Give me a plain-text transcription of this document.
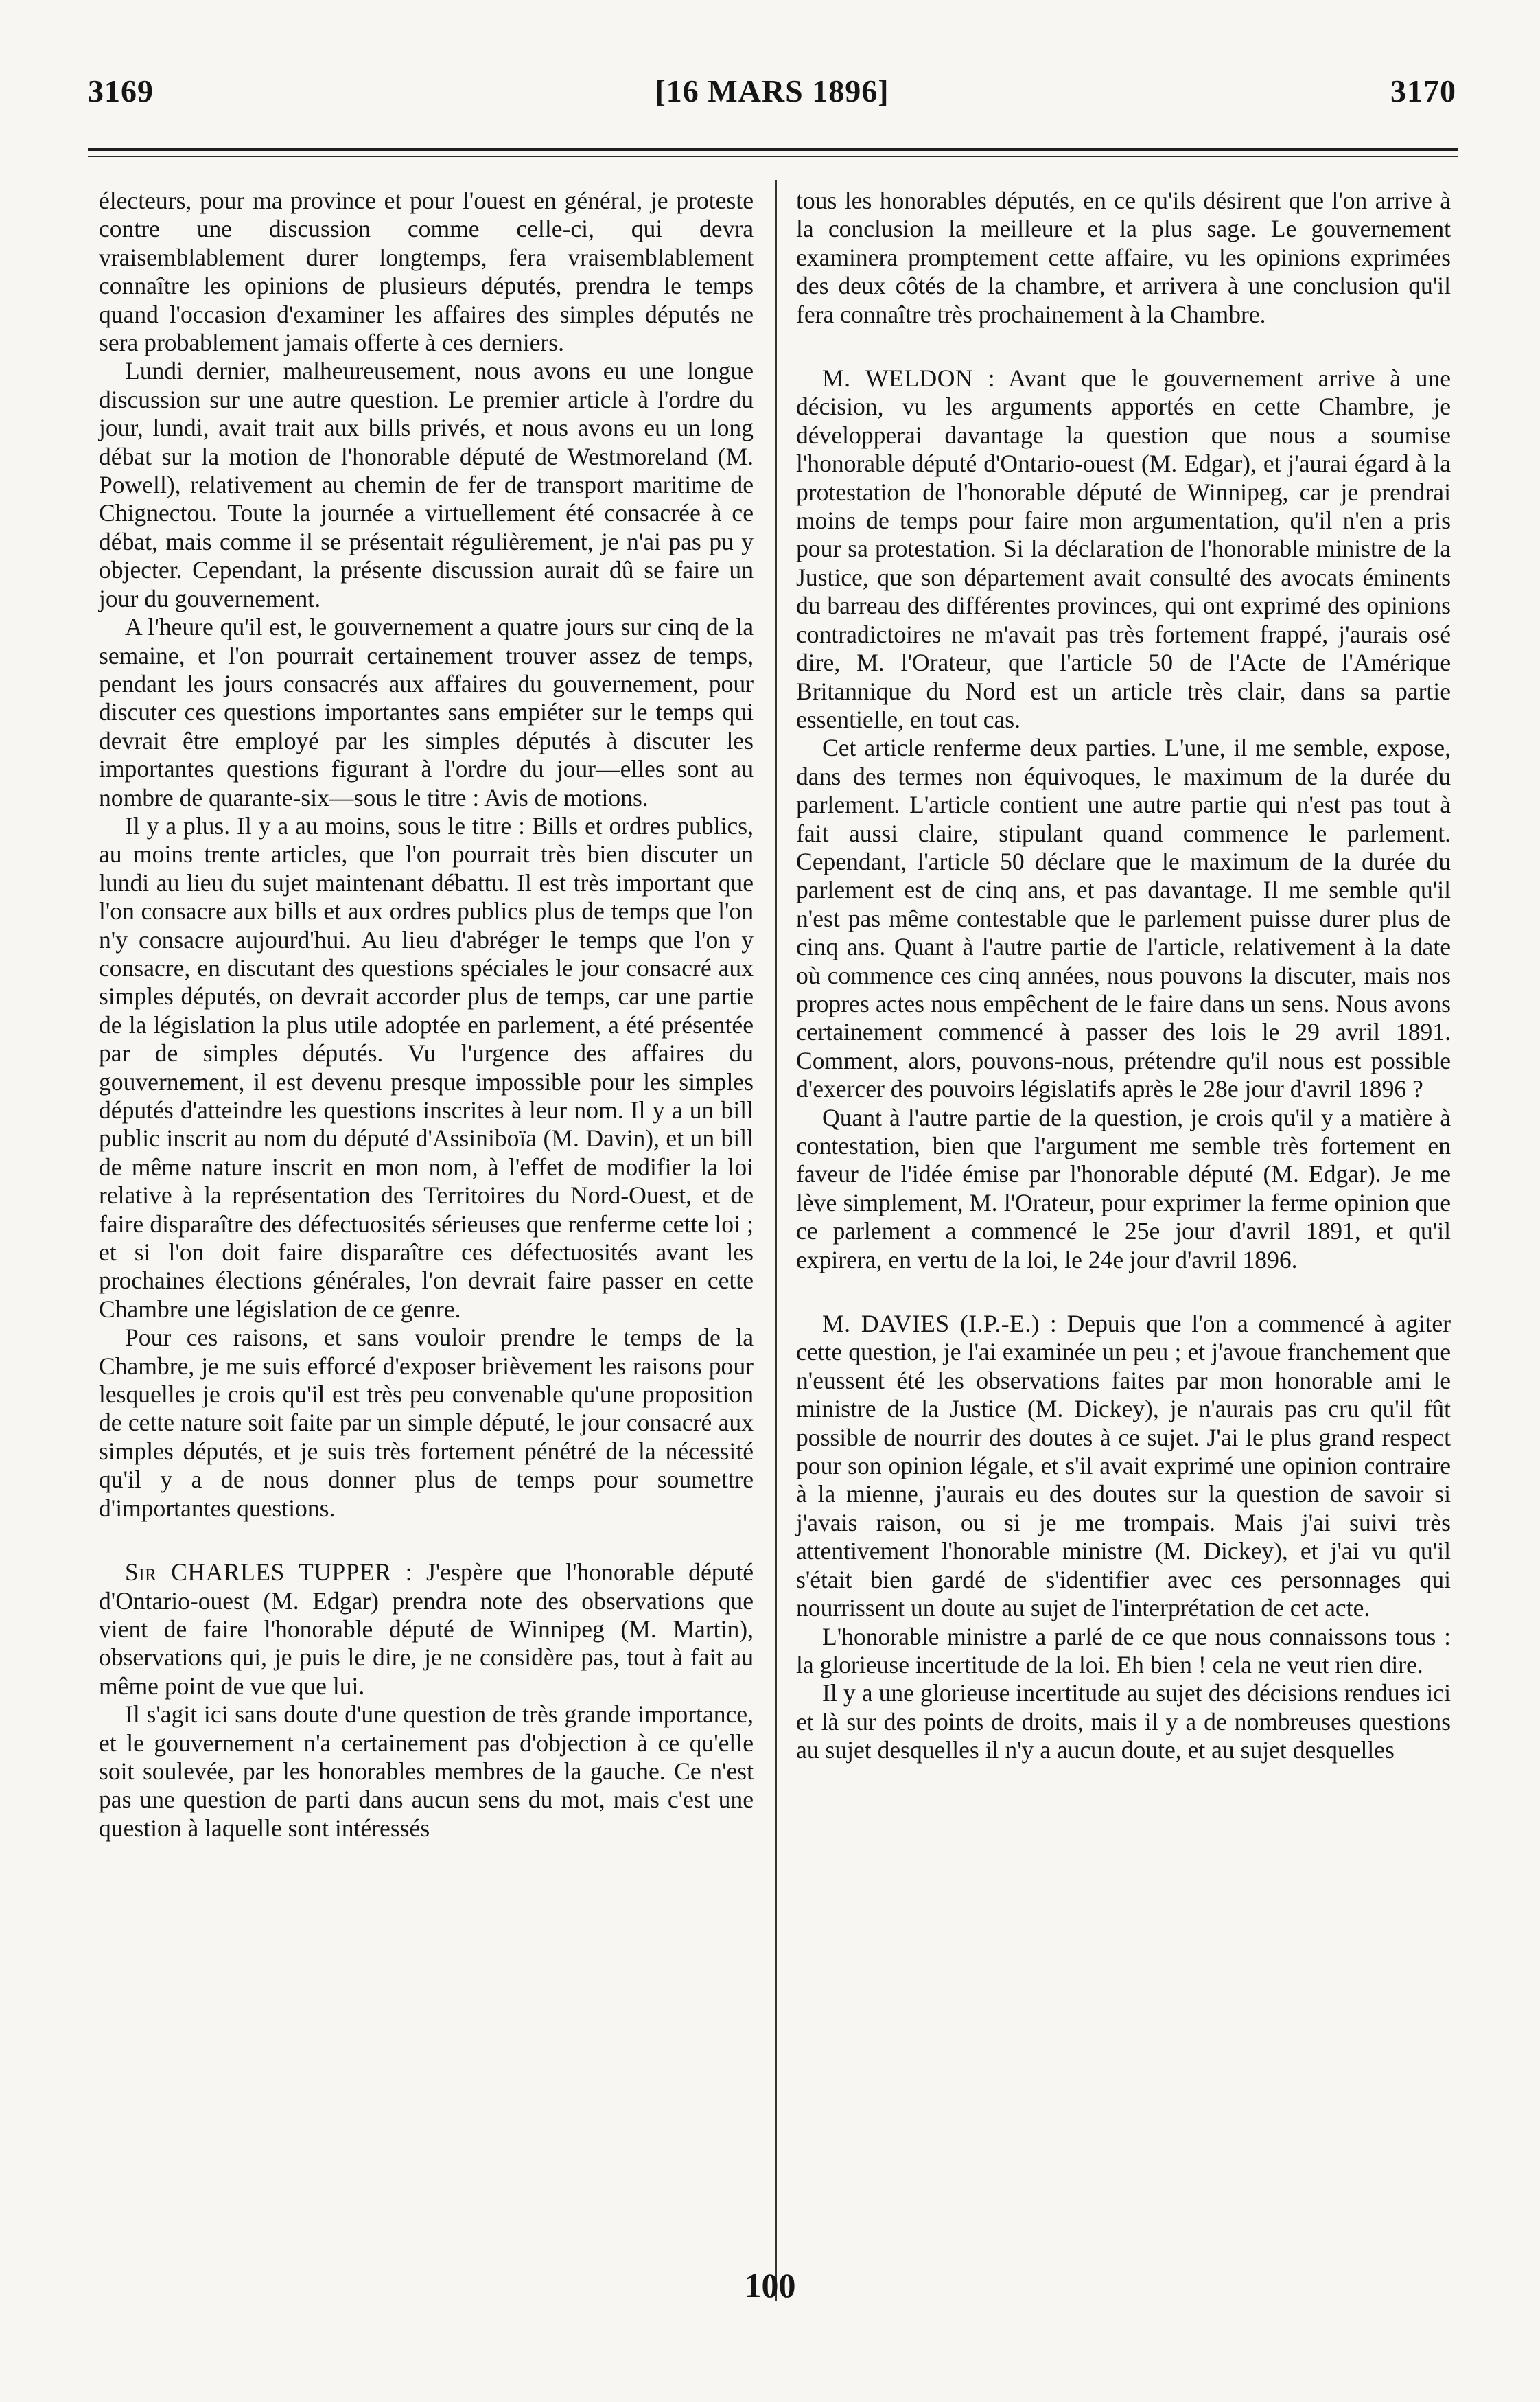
3169	[16 MARS 1896]	3170

électeurs, pour ma province et pour l'ouest en général, je proteste contre une discussion comme celle-ci, qui devra vraisemblablement durer longtemps, fera vraisemblablement connaître les opinions de plusieurs députés, prendra le temps quand l'occasion d'examiner les affaires des simples députés ne sera probablement jamais offerte à ces derniers.

Lundi dernier, malheureusement, nous avons eu une longue discussion sur une autre question. Le premier article à l'ordre du jour, lundi, avait trait aux bills privés, et nous avons eu un long débat sur la motion de l'honorable député de Westmoreland (M. Powell), relativement au chemin de fer de transport maritime de Chignectou. Toute la journée a virtuellement été consacrée à ce débat, mais comme il se présentait régulièrement, je n'ai pas pu y objecter. Cependant, la présente discussion aurait dû se faire un jour du gouvernement.

A l'heure qu'il est, le gouvernement a quatre jours sur cinq de la semaine, et l'on pourrait certainement trouver assez de temps, pendant les jours consacrés aux affaires du gouvernement, pour discuter ces questions importantes sans empiéter sur le temps qui devrait être employé par les simples députés à discuter les importantes questions figurant à l'ordre du jour—elles sont au nombre de quarante-six—sous le titre : Avis de motions.

Il y a plus. Il y a au moins, sous le titre : Bills et ordres publics, au moins trente articles, que l'on pourrait très bien discuter un lundi au lieu du sujet maintenant débattu. Il est très important que l'on consacre aux bills et aux ordres publics plus de temps que l'on n'y consacre aujourd'hui. Au lieu d'abréger le temps que l'on y consacre, en discutant des questions spéciales le jour consacré aux simples députés, on devrait accorder plus de temps, car une partie de la législation la plus utile adoptée en parlement, a été présentée par de simples députés. Vu l'urgence des affaires du gouvernement, il est devenu presque impossible pour les simples députés d'atteindre les questions inscrites à leur nom. Il y a un bill public inscrit au nom du député d'Assiniboïa (M. Davin), et un bill de même nature inscrit en mon nom, à l'effet de modifier la loi relative à la représentation des Territoires du Nord-Ouest, et de faire disparaître des défectuosités sérieuses que renferme cette loi ; et si l'on doit faire disparaître ces défectuosités avant les prochaines élections générales, l'on devrait faire passer en cette Chambre une législation de ce genre.

Pour ces raisons, et sans vouloir prendre le temps de la Chambre, je me suis efforcé d'exposer brièvement les raisons pour lesquelles je crois qu'il est très peu convenable qu'une proposition de cette nature soit faite par un simple député, le jour consacré aux simples députés, et je suis très fortement pénétré de la nécessité qu'il y a de nous donner plus de temps pour soumettre d'importantes questions.

Sir CHARLES TUPPER : J'espère que l'honorable député d'Ontario-ouest (M. Edgar) prendra note des observations que vient de faire l'honorable député de Winnipeg (M. Martin), observations qui, je puis le dire, je ne considère pas, tout à fait au même point de vue que lui.

Il s'agit ici sans doute d'une question de très grande importance, et le gouvernement n'a certainement pas d'objection à ce qu'elle soit soulevée, par les honorables membres de la gauche. Ce n'est pas une question de parti dans aucun sens du mot, mais c'est une question à laquelle sont intéressés

tous les honorables députés, en ce qu'ils désirent que l'on arrive à la conclusion la meilleure et la plus sage. Le gouvernement examinera promptement cette affaire, vu les opinions exprimées des deux côtés de la chambre, et arrivera à une conclusion qu'il fera connaître très prochainement à la Chambre.

M. WELDON : Avant que le gouvernement arrive à une décision, vu les arguments apportés en cette Chambre, je développerai davantage la question que nous a soumise l'honorable député d'Ontario-ouest (M. Edgar), et j'aurai égard à la protestation de l'honorable député de Winnipeg, car je prendrai moins de temps pour faire mon argumentation, qu'il n'en a pris pour sa protestation. Si la déclaration de l'honorable ministre de la Justice, que son département avait consulté des avocats éminents du barreau des différentes provinces, qui ont exprimé des opinions contradictoires ne m'avait pas très fortement frappé, j'aurais osé dire, M. l'Orateur, que l'article 50 de l'Acte de l'Amérique Britannique du Nord est un article très clair, dans sa partie essentielle, en tout cas.

Cet article renferme deux parties. L'une, il me semble, expose, dans des termes non équivoques, le maximum de la durée du parlement. L'article contient une autre partie qui n'est pas tout à fait aussi claire, stipulant quand commence le parlement. Cependant, l'article 50 déclare que le maximum de la durée du parlement est de cinq ans, et pas davantage. Il me semble qu'il n'est pas même contestable que le parlement puisse durer plus de cinq ans. Quant à l'autre partie de l'article, relativement à la date où commence ces cinq années, nous pouvons la discuter, mais nos propres actes nous empêchent de le faire dans un sens. Nous avons certainement commencé à passer des lois le 29 avril 1891. Comment, alors, pouvons-nous, prétendre qu'il nous est possible d'exercer des pouvoirs législatifs après le 28e jour d'avril 1896 ?

Quant à l'autre partie de la question, je crois qu'il y a matière à contestation, bien que l'argument me semble très fortement en faveur de l'idée émise par l'honorable député (M. Edgar). Je me lève simplement, M. l'Orateur, pour exprimer la ferme opinion que ce parlement a commencé le 25e jour d'avril 1891, et qu'il expirera, en vertu de la loi, le 24e jour d'avril 1896.

M. DAVIES (I.P.-E.) : Depuis que l'on a commencé à agiter cette question, je l'ai examinée un peu ; et j'avoue franchement que n'eussent été les observations faites par mon honorable ami le ministre de la Justice (M. Dickey), je n'aurais pas cru qu'il fût possible de nourrir des doutes à ce sujet. J'ai le plus grand respect pour son opinion légale, et s'il avait exprimé une opinion contraire à la mienne, j'aurais eu des doutes sur la question de savoir si j'avais raison, ou si je me trompais. Mais j'ai suivi très attentivement l'honorable ministre (M. Dickey), et j'ai vu qu'il s'était bien gardé de s'identifier avec ces personnages qui nourrissent un doute au sujet de l'interprétation de cet acte.

L'honorable ministre a parlé de ce que nous connaissons tous : la glorieuse incertitude de la loi. Eh bien ! cela ne veut rien dire.

Il y a une glorieuse incertitude au sujet des décisions rendues ici et là sur des points de droits, mais il y a de nombreuses questions au sujet desquelles il n'y a aucun doute, et au sujet desquelles

100
